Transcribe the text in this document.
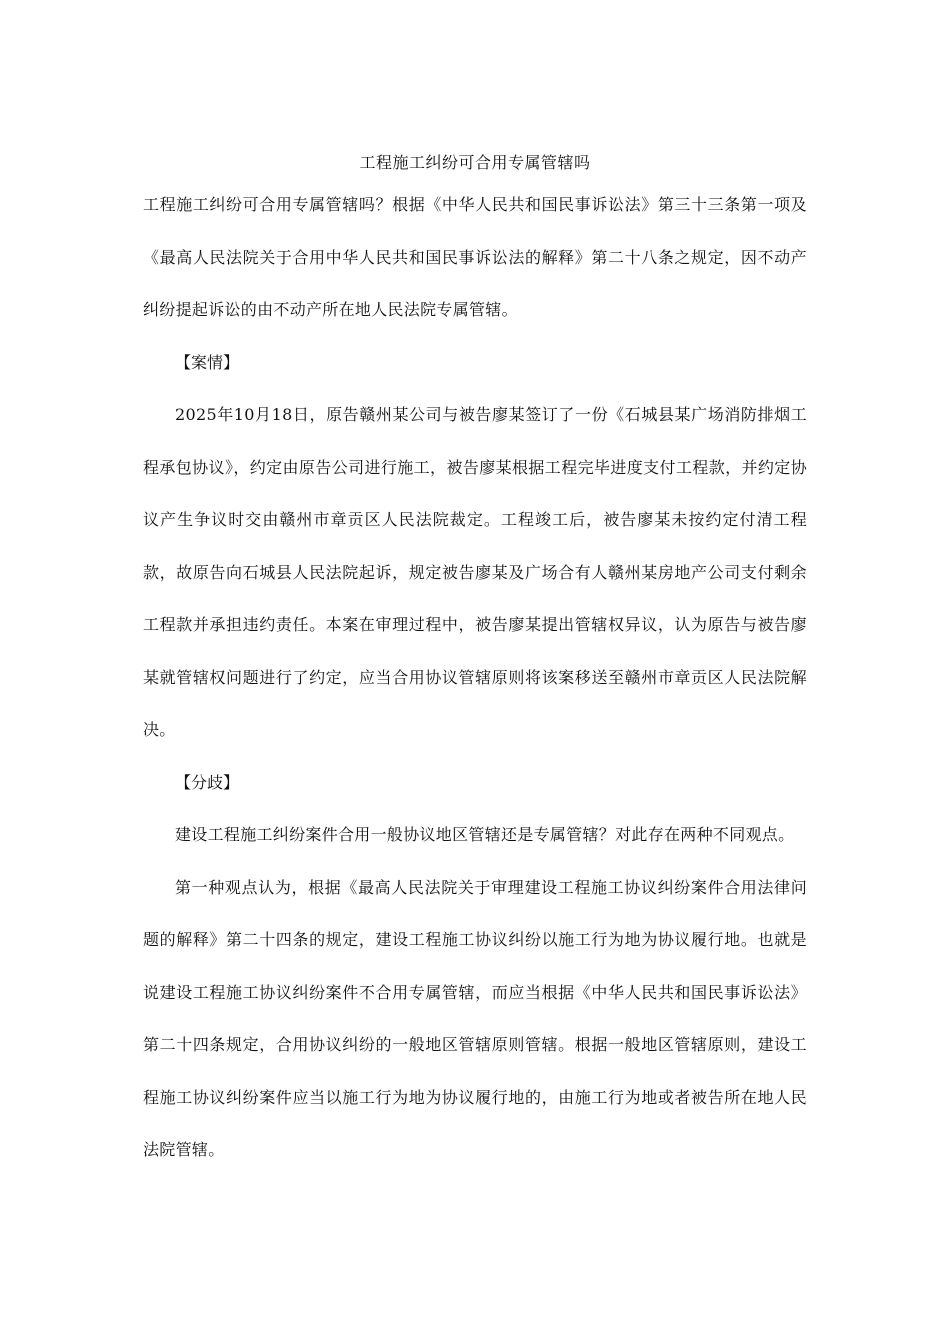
工程施工纠纷可合用专属管辖吗

工程施工纠纷可合用专属管辖吗？根据《中华人民共和国民事诉讼法》第三十三条第一项及《最高人民法院关于合用中华人民共和国民事诉讼法的解释》第二十八条之规定，因不动产纠纷提起诉讼的由不动产所在地人民法院专属管辖。

【案情】

2025年10月18日，原告赣州某公司与被告廖某签订了一份《石城县某广场消防排烟工程承包协议》，约定由原告公司进行施工，被告廖某根据工程完毕进度支付工程款，并约定协议产生争议时交由赣州市章贡区人民法院裁定。工程竣工后，被告廖某未按约定付清工程款，故原告向石城县人民法院起诉，规定被告廖某及广场合有人赣州某房地产公司支付剩余工程款并承担违约责任。本案在审理过程中，被告廖某提出管辖权异议，认为原告与被告廖某就管辖权问题进行了约定，应当合用协议管辖原则将该案移送至赣州市章贡区人民法院解决。

【分歧】

建设工程施工纠纷案件合用一般协议地区管辖还是专属管辖？对此存在两种不同观点。

第一种观点认为，根据《最高人民法院关于审理建设工程施工协议纠纷案件合用法律问题的解释》第二十四条的规定，建设工程施工协议纠纷以施工行为地为协议履行地。也就是说建设工程施工协议纠纷案件不合用专属管辖，而应当根据《中华人民共和国民事诉讼法》第二十四条规定，合用协议纠纷的一般地区管辖原则管辖。根据一般地区管辖原则，建设工程施工协议纠纷案件应当以施工行为地为协议履行地的，由施工行为地或者被告所在地人民法院管辖。
